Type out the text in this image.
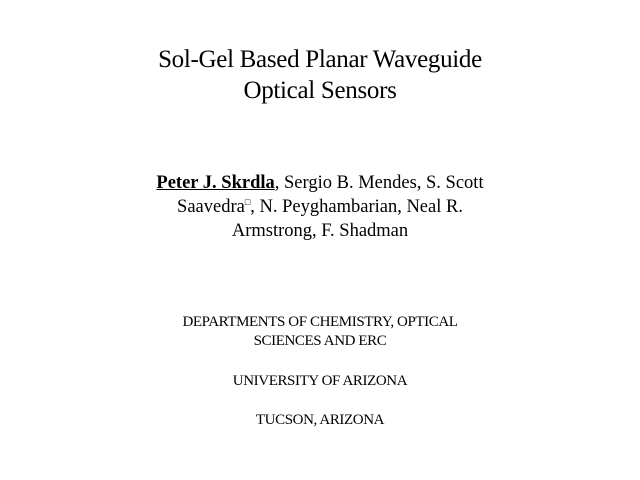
Sol-Gel Based Planar Waveguide
Optical Sensors
Peter J. Skrdla, Sergio B. Mendes, S. Scott
Saavedra□, N. Peyghambarian, Neal R.
Armstrong, F. Shadman
DEPARTMENTS OF CHEMISTRY, OPTICAL
SCIENCES AND ERC
UNIVERSITY OF ARIZONA
TUCSON, ARIZONA
